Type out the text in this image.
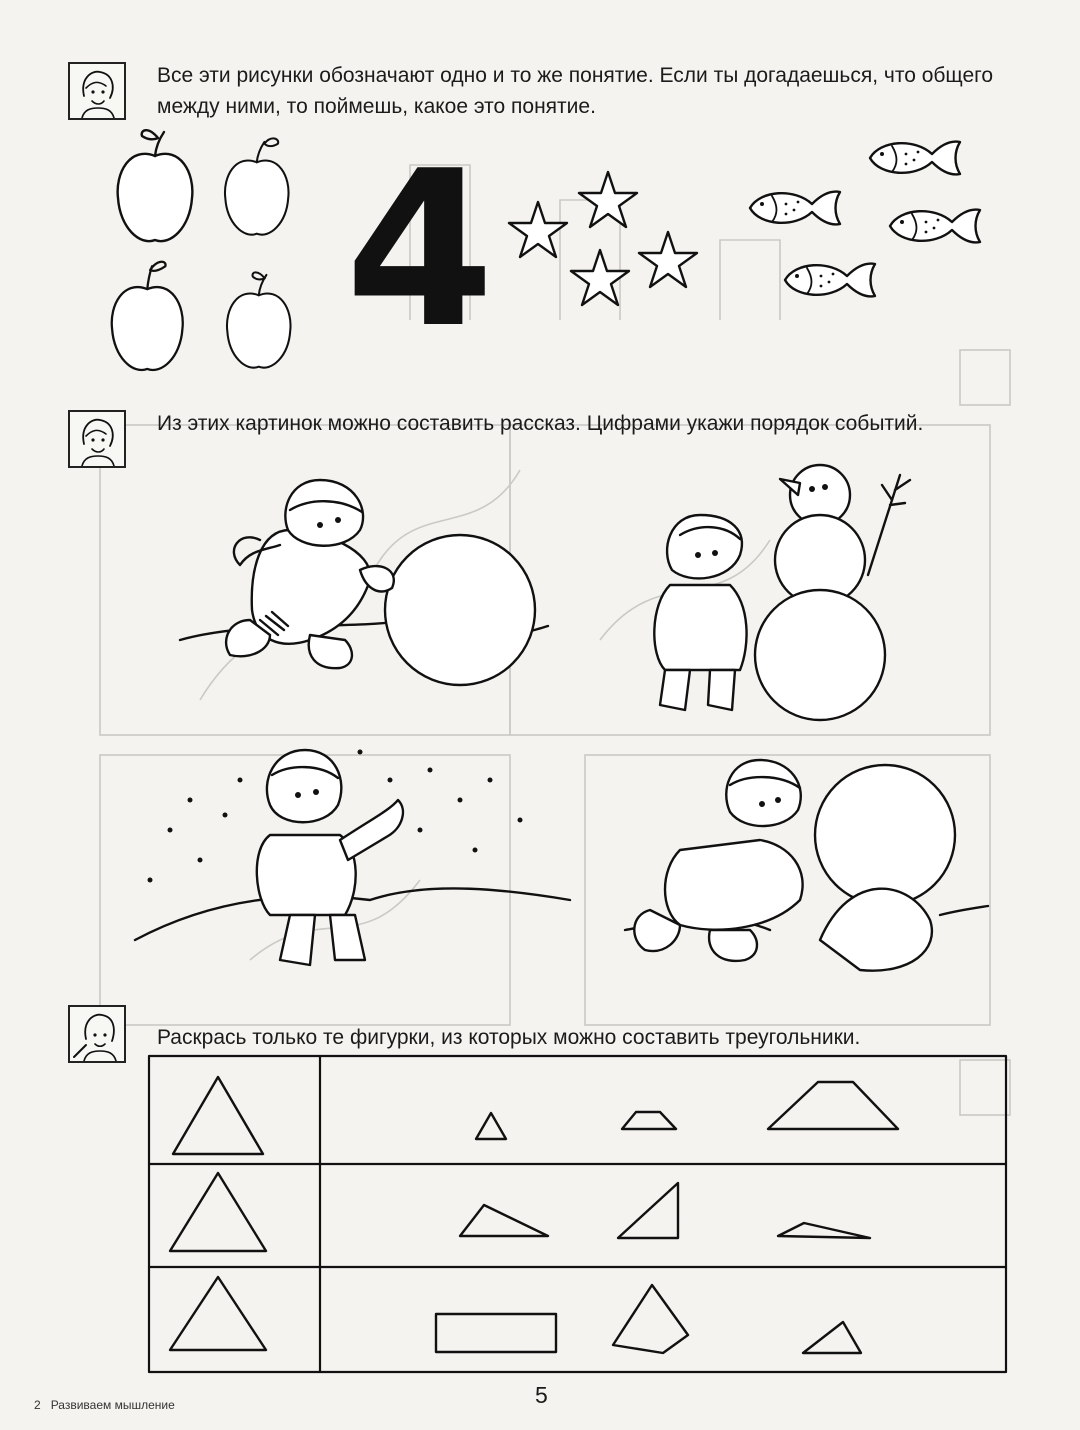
Все эти рисунки обозначают одно и то же понятие. Если ты догадаешься, что общего между ними, то поймешь, какое это понятие.
4
Из этих картинок можно составить рассказ. Цифрами укажи порядок событий.
Раскрась только те фигурки, из которых можно составить треугольники.
5
2 Развиваем мышление
